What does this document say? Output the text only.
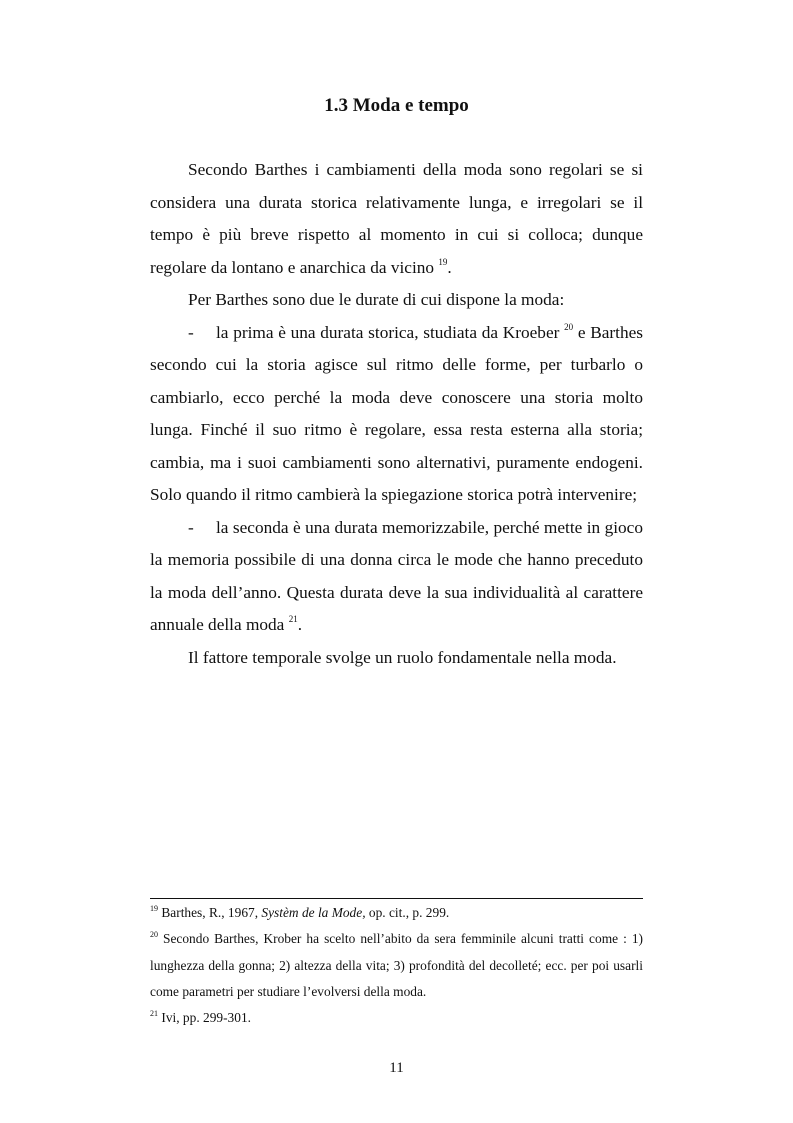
1.3 Moda e tempo

Secondo Barthes i cambiamenti della moda sono regolari se si considera una durata storica relativamente lunga, e irregolari se il tempo è più breve rispetto al momento in cui si colloca; dunque regolare da lontano e anarchica da vicino $^{19}$.

Per Barthes sono due le durate di cui dispone la moda:

- la prima è una durata storica, studiata da Kroeber $^{20}$ e Barthes secondo cui la storia agisce sul ritmo delle forme, per turbarlo o cambiarlo, ecco perché la moda deve conoscere una storia molto lunga. Finché il suo ritmo è regolare, essa resta esterna alla storia; cambia, ma i suoi cambiamenti sono alternativi, puramente endogeni. Solo quando il ritmo cambierà la spiegazione storica potrà intervenire;

- la seconda è una durata memorizzabile, perché mette in gioco la memoria possibile di una donna circa le mode che hanno preceduto la moda dell’anno. Questa durata deve la sua individualità al carattere annuale della moda $^{21}$.

Il fattore temporale svolge un ruolo fondamentale nella moda.

$^{19}$ Barthes, R., 1967, Systèm de la Mode, op. cit., p. 299.

$^{20}$ Secondo Barthes, Krober ha scelto nell’abito da sera femminile alcuni tratti come : 1) lunghezza della gonna; 2) altezza della vita; 3) profondità del decolleté; ecc. per poi usarli come parametri per studiare l’evolversi della moda.

$^{21}$ Ivi, pp. 299-301.

11
